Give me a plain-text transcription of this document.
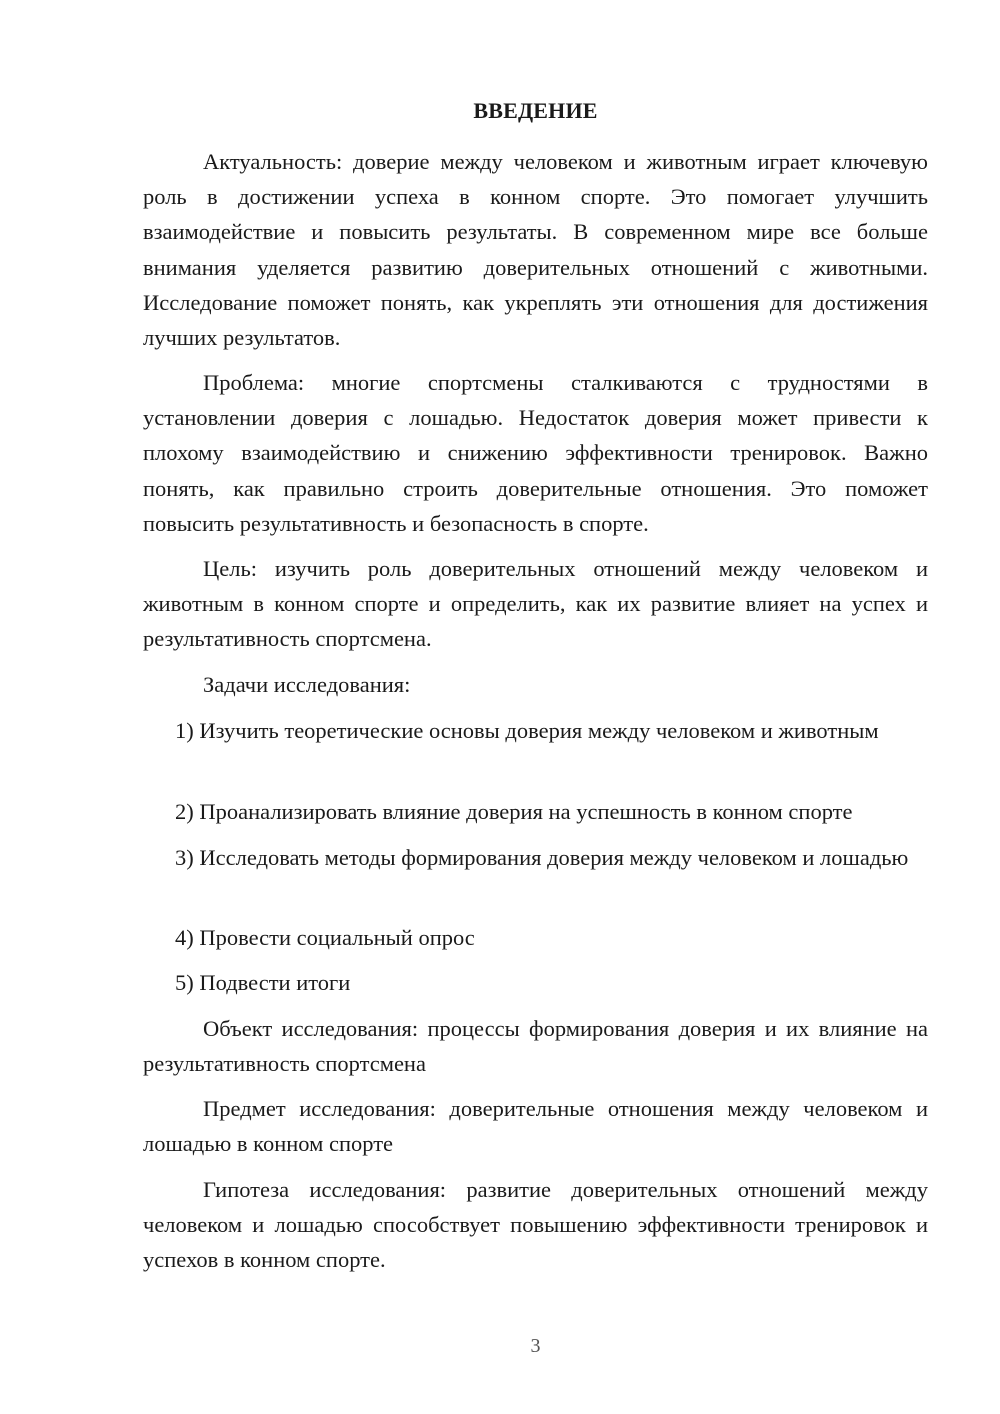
ВВЕДЕНИЕ

Актуальность: доверие между человеком и животным играет ключевую роль в достижении успеха в конном спорте. Это помогает улучшить взаимодействие и повысить результаты. В современном мире все больше внимания уделяется развитию доверительных отношений с животными. Исследование поможет понять, как укреплять эти отношения для достижения лучших результатов.

Проблема: многие спортсмены сталкиваются с трудностями в установлении доверия с лошадью. Недостаток доверия может привести к плохому взаимодействию и снижению эффективности тренировок. Важно понять, как правильно строить доверительные отношения. Это поможет повысить результативность и безопасность в спорте.

Цель: изучить роль доверительных отношений между человеком и животным в конном спорте и определить, как их развитие влияет на успех и результативность спортсмена.

Задачи исследования:

1) Изучить теоретические основы доверия между человеком и животным

2) Проанализировать влияние доверия на успешность в конном спорте

3) Исследовать методы формирования доверия между человеком и лошадью

4) Провести социальный опрос

5) Подвести итоги

Объект исследования: процессы формирования доверия и их влияние на результативность спортсмена

Предмет исследования: доверительные отношения между человеком и лошадью в конном спорте

Гипотеза исследования: развитие доверительных отношений между человеком и лошадью способствует повышению эффективности тренировок и успехов в конном спорте.

3
